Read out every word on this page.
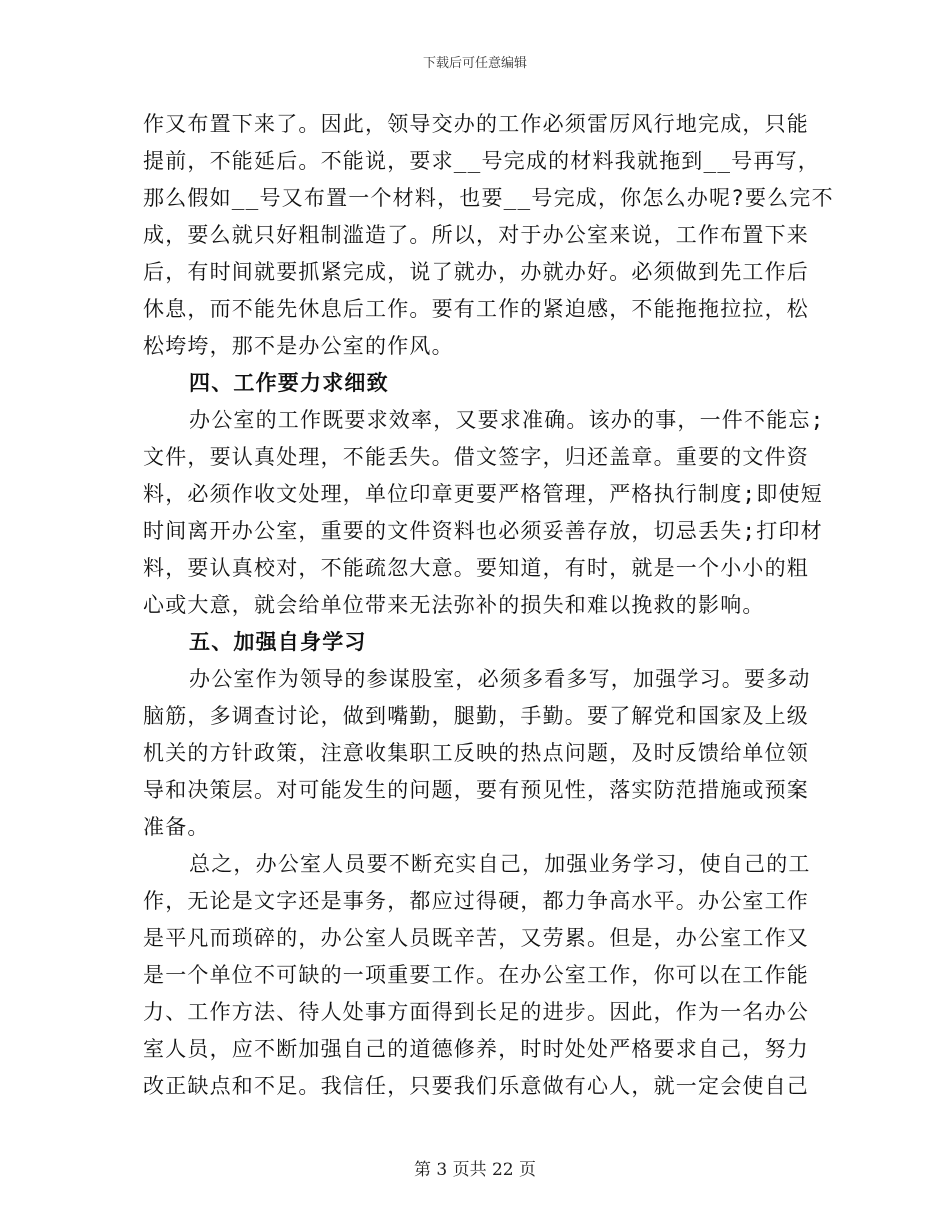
下载后可任意编辑
作又布置下来了。因此，领导交办的工作必须雷厉风行地完成，只能
提前，不能延后。不能说，要求__号完成的材料我就拖到__号再写，
那么假如__号又布置一个材料，也要__号完成，你怎么办呢?要么完不
成，要么就只好粗制滥造了。所以，对于办公室来说，工作布置下来
后，有时间就要抓紧完成，说了就办，办就办好。必须做到先工作后
休息，而不能先休息后工作。要有工作的紧迫感，不能拖拖拉拉，松
松垮垮，那不是办公室的作风。
四、工作要力求细致
办公室的工作既要求效率，又要求准确。该办的事，一件不能忘;
文件，要认真处理，不能丢失。借文签字，归还盖章。重要的文件资
料，必须作收文处理，单位印章更要严格管理，严格执行制度;即使短
时间离开办公室，重要的文件资料也必须妥善存放，切忌丢失;打印材
料，要认真校对，不能疏忽大意。要知道，有时，就是一个小小的粗
心或大意，就会给单位带来无法弥补的损失和难以挽救的影响。
五、加强自身学习
办公室作为领导的参谋股室，必须多看多写，加强学习。要多动
脑筋，多调查讨论，做到嘴勤，腿勤，手勤。要了解党和国家及上级
机关的方针政策，注意收集职工反映的热点问题，及时反馈给单位领
导和决策层。对可能发生的问题，要有预见性，落实防范措施或预案
准备。
总之，办公室人员要不断充实自己，加强业务学习，使自己的工
作，无论是文字还是事务，都应过得硬，都力争高水平。办公室工作
是平凡而琐碎的，办公室人员既辛苦，又劳累。但是，办公室工作又
是一个单位不可缺的一项重要工作。在办公室工作，你可以在工作能
力、工作方法、待人处事方面得到长足的进步。因此，作为一名办公
室人员，应不断加强自己的道德修养，时时处处严格要求自己，努力
改正缺点和不足。我信任，只要我们乐意做有心人，就一定会使自己
第 3 页共 22 页
